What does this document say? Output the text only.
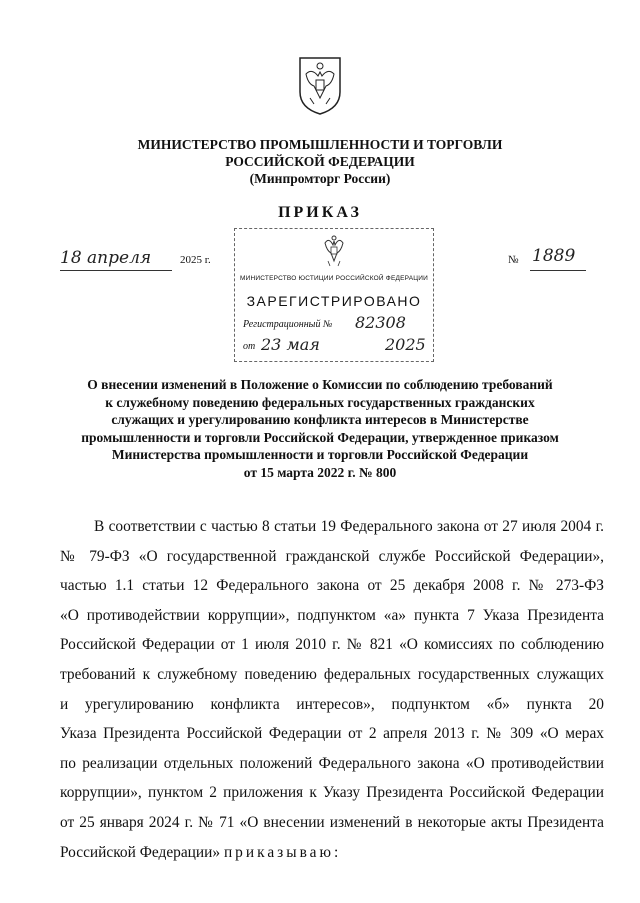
МИНИСТЕРСТВО ПРОМЫШЛЕННОСТИ И ТОРГОВЛИ
РОССИЙСКОЙ ФЕДЕРАЦИИ
(Минпромторг России)
ПРИКАЗ
18 апреля	2025 г.	№ 1889
МИНИСТЕРСТВО ЮСТИЦИИ РОССИЙСКОЙ ФЕДЕРАЦИИ
ЗАРЕГИСТРИРОВАНО
Регистрационный № 82308
от 23 мая	2025
О внесении изменений в Положение о Комиссии по соблюдению требований
к служебному поведению федеральных государственных гражданских
служащих и урегулированию конфликта интересов в Министерстве
промышленности и торговли Российской Федерации, утвержденное приказом
Министерства промышленности и торговли Российской Федерации
от 15 марта 2022 г. № 800
В соответствии с частью 8 статьи 19 Федерального закона от 27 июля 2004 г.
№ 79-ФЗ «О государственной гражданской службе Российской Федерации»,
частью 1.1 статьи 12 Федерального закона от 25 декабря 2008 г. № 273-ФЗ
«О противодействии коррупции», подпунктом «а» пункта 7 Указа Президента
Российской Федерации от 1 июля 2010 г. № 821 «О комиссиях по соблюдению
требований к служебному поведению федеральных государственных служащих
и урегулированию конфликта интересов», подпунктом «б» пункта 20
Указа Президента Российской Федерации от 2 апреля 2013 г. № 309 «О мерах
по реализации отдельных положений Федерального закона «О противодействии
коррупции», пунктом 2 приложения к Указу Президента Российской Федерации
от 25 января 2024 г. № 71 «О внесении изменений в некоторые акты Президента
Российской Федерации» приказываю:
